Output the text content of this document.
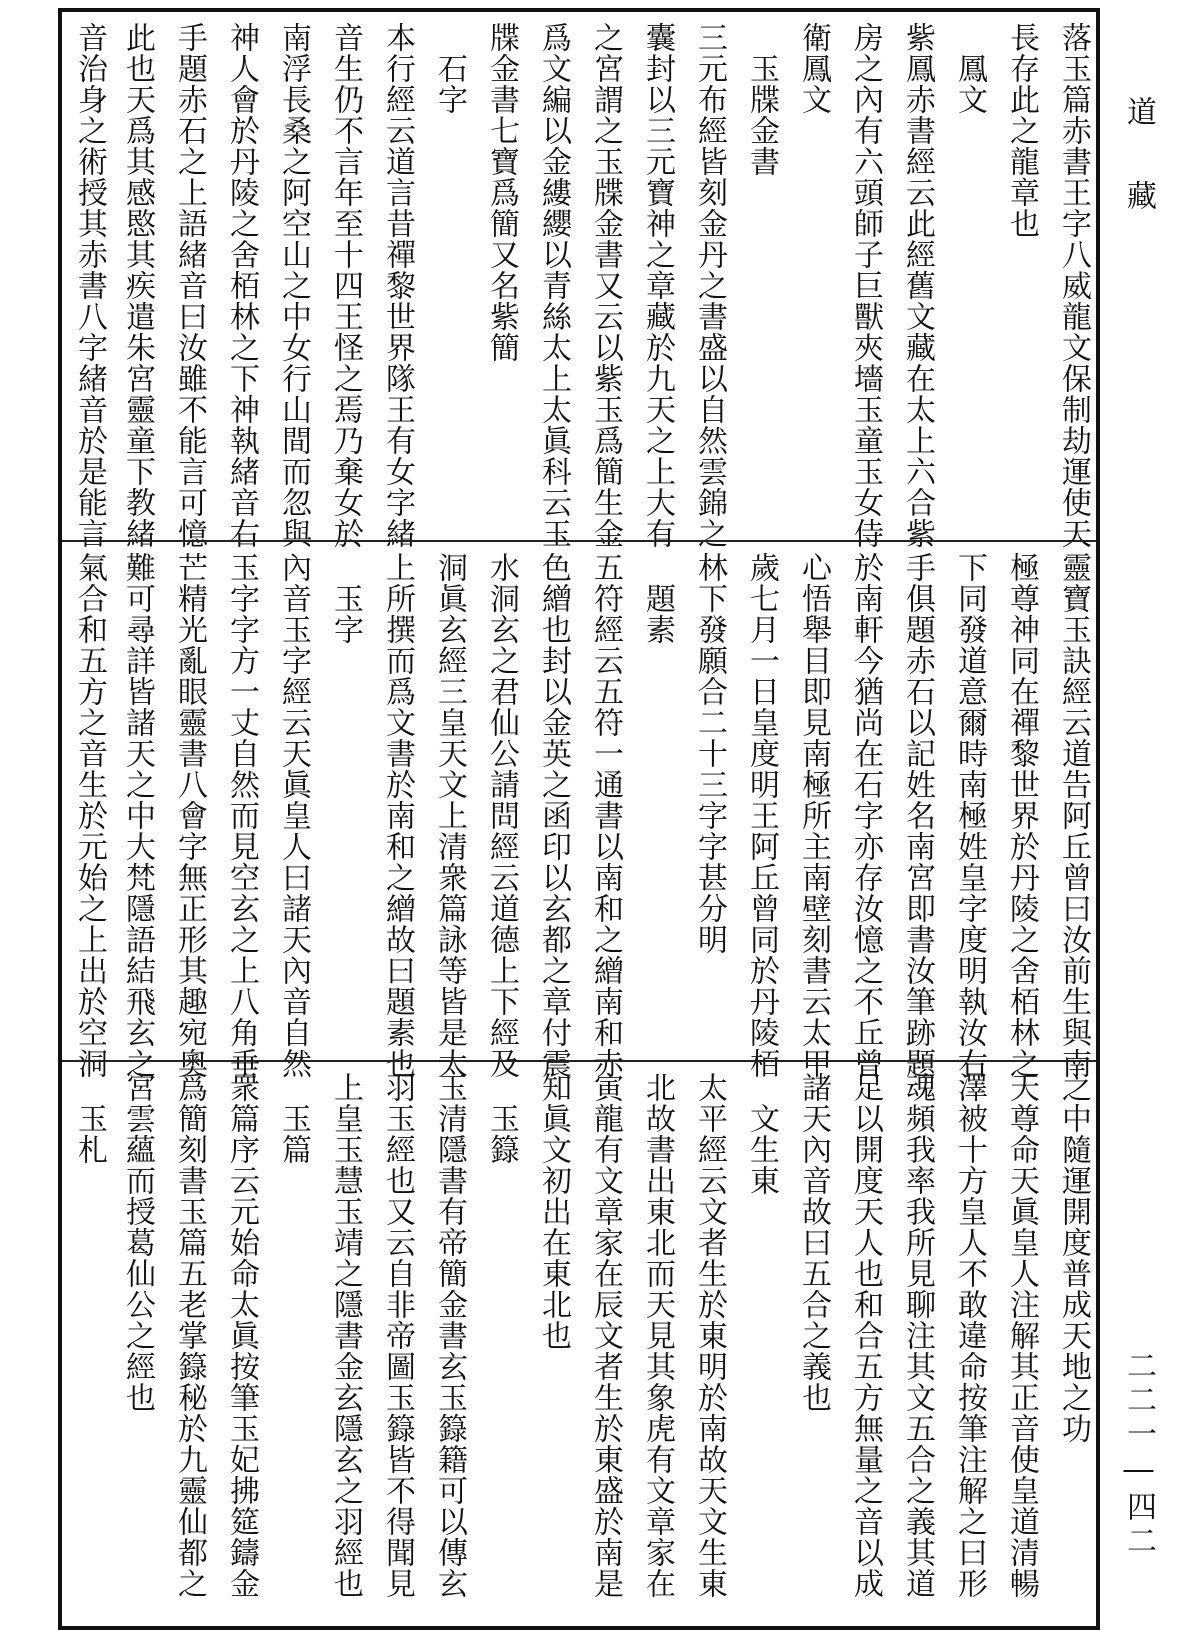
落玉篇赤書王字八威龍文保制劫運使天
長存此之龍章也
　鳳文
紫鳳赤書經云此經舊文藏在太上六合紫
房之內有六頭師子巨獸夾墻玉童玉女侍
衛鳳文
　玉牒金書
三元布經皆刻金丹之書盛以自然雲錦之
囊封以三元寶神之章藏於九天之上大有
之宮謂之玉牒金書又云以紫玉爲簡生金
爲文編以金縷纓以青絲太上太眞科云玉
牒金書七寶爲簡又名紫簡
　石字
本行經云道言昔禪黎世界隊王有女字緒
音生仍不言年至十四王怪之焉乃棄女於
南浮長桑之阿空山之中女行山間而忽與
神人會於丹陵之舍栢林之下神執緒音右
手題赤石之上語緒音曰汝雖不能言可憶
此也天爲其感愍其疾遣朱宮靈童下教緒
音治身之術授其赤書八字緒音於是能言
靈寶玉訣經云道告阿丘曾曰汝前生與南
極尊神同在禪黎世界於丹陵之舍栢林之
下同發道意爾時南極姓皇字度明執汝右
手俱題赤石以記姓名南宮即書汝筆跡題
於南軒今猶尚在石字亦存汝憶之不丘曾
心悟舉目即見南極所主南壁刻書云太甲
歲七月一日皇度明王阿丘曾同於丹陵栢
林下發願合二十三字字甚分明
　題素
五符經云五符一通書以南和之繒南和赤
色繒也封以金英之函印以玄都之章付震
水洞玄之君仙公請問經云道德上下經及
洞眞玄經三皇天文上清衆篇詠等皆是太
上所撰而爲文書於南和之繒故曰題素也
　玉字
內音玉字經云天眞皇人曰諸天內音自然
玉字字方一丈自然而見空玄之上八角垂
芒精光亂眼靈書八會字無正形其趣宛奧
難可尋詳皆諸天之中大梵隱語結飛玄之
氣合和五方之音生於元始之上出於空洞
之中隨運開度普成天地之功
天尊命天眞皇人注解其正音使皇道清暢
澤被十方皇人不敢違命按筆注解之曰形
魂頻我率我所見聊注其文五合之義其道
足以開度天人也和合五方無量之音以成
諸天內音故曰五合之義也
　文生東
太平經云文者生於東明於南故天文生東
北故書出東北而天見其象虎有文章家在
寅龍有文章家在辰文者生於東盛於南是
知眞文初出在東北也
　玉籙
玉清隱書有帝簡金書玄玉籙籍可以傳玄
羽玉經也又云自非帝圖玉籙皆不得聞見
上皇玉慧玉靖之隱書金玄隱玄之羽經也
　玉篇
衆篇序云元始命太眞按筆玉妃拂筵鑄金
爲簡刻書玉篇五老掌籙秘於九靈仙都之
宮雲蘊而授葛仙公之經也
　玉札
道藏
二二一―四二
